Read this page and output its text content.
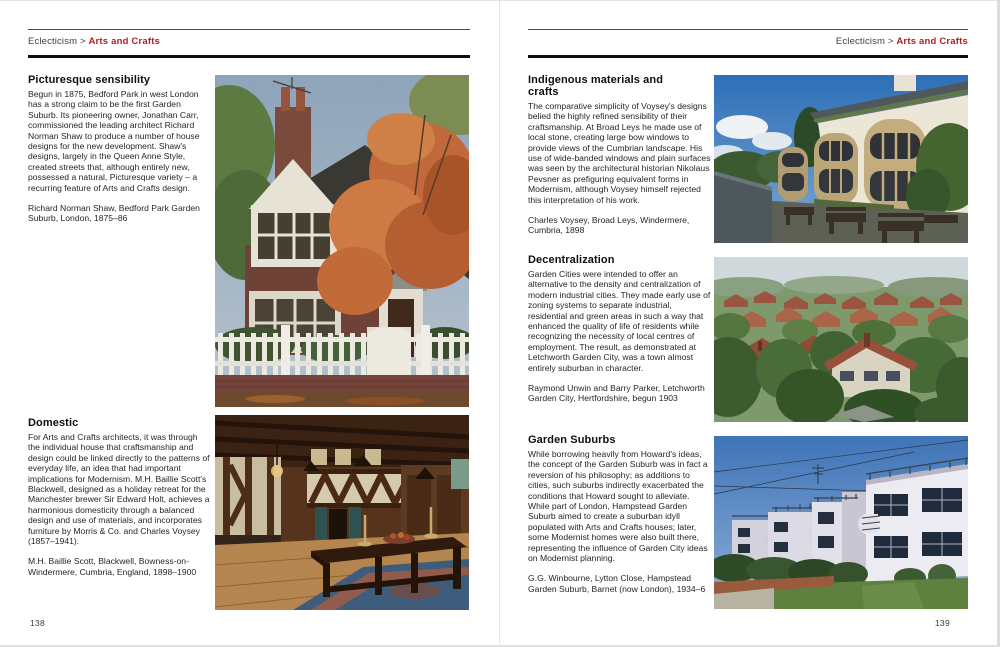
Eclecticism > Arts and Crafts	Eclecticism > Arts and Crafts
Picturesque sensibility
Begun in 1875, Bedford Park in west London has a strong claim to be the first Garden Suburb. Its pioneering owner, Jonathan Carr, commissioned the leading architect Richard Norman Shaw to produce a number of house designs for the new development. Shaw's designs, largely in the Queen Anne Style, created streets that, although entirely new, possessed a natural, Picturesque variety – a recurring feature of Arts and Crafts design.
Richard Norman Shaw, Bedford Park Garden Suburb, London, 1875–86
Domestic
For Arts and Crafts architects, it was through the individual house that craftsmanship and design could be linked directly to the patterns of everyday life, an idea that had important implications for Modernism. M.H. Baillie Scott's Blackwell, designed as a holiday retreat for the Manchester brewer Sir Edward Holt, achieves a harmonious domesticity through a balanced design and use of materials, and incorporates furniture by Morris & Co. and Charles Voysey (1857–1941).
M.H. Baillie Scott, Blackwell, Bowness-on-Windermere, Cumbria, England, 1898–1900
138
Indigenous materials and crafts
The comparative simplicity of Voysey's designs belied the highly refined sensibility of their craftsmanship. At Broad Leys he made use of local stone, creating large bow windows to provide views of the Cumbrian landscape. His use of wide-banded windows and plain surfaces was seen by the architectural historian Nikolaus Pevsner as prefiguring equivalent forms in Modernism, although Voysey himself rejected this interpretation of his work.
Charles Voysey, Broad Leys, Windermere, Cumbria, 1898
Decentralization
Garden Cities were intended to offer an alternative to the density and centralization of modern industrial cities. They made early use of zoning systems to separate industrial, residential and green areas in such a way that enhanced the quality of life of residents while recognizing the necessity of local centres of employment. The result, as demonstrated at Letchworth Garden City, was a town almost entirely suburban in character.
Raymond Unwin and Barry Parker, Letchworth Garden City, Hertfordshire, begun 1903
Garden Suburbs
While borrowing heavily from Howard's ideas, the concept of the Garden Suburb was in fact a reversion of his philosophy; as additions to cities, such suburbs indirectly exacerbated the conditions that Howard sought to alleviate. While part of London, Hampstead Garden Suburb aimed to create a suburban idyll populated with Arts and Crafts houses; later, some Modernist homes were also built there, representing the influence of Garden City ideas on Modernist planning.
G.G. Winbourne, Lytton Close, Hampstead Garden Suburb, Barnet (now London), 1934–6
139
